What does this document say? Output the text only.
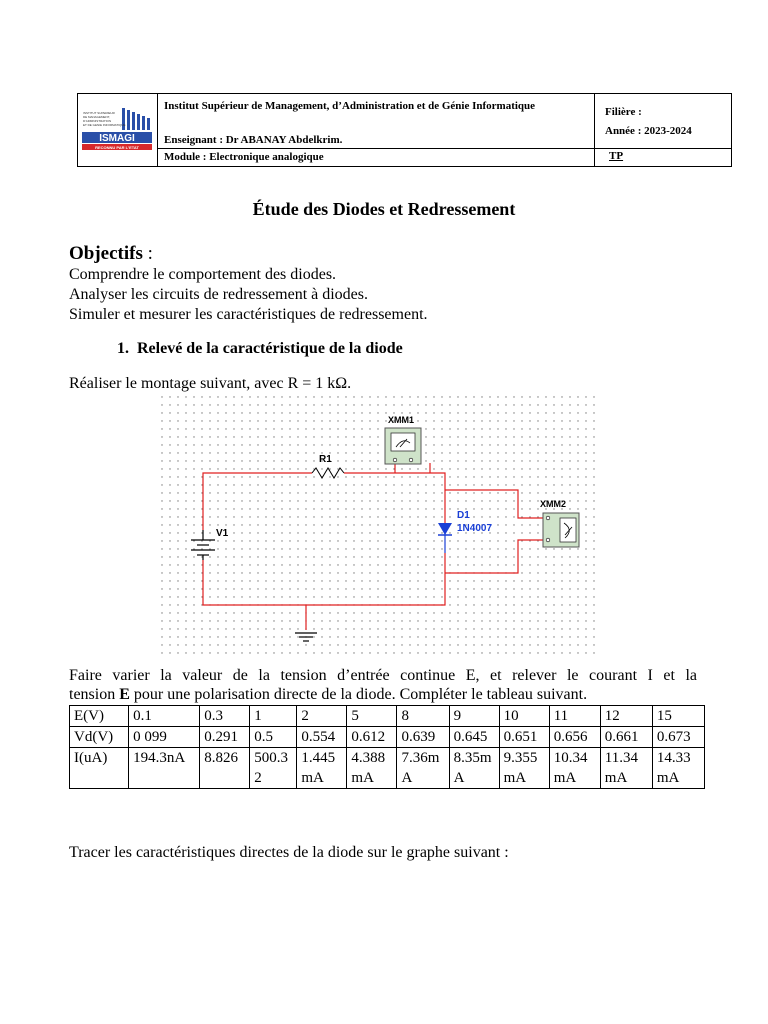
INSTITUT SUPERIEUR
DE MANAGEMENT,
D'ADMINISTRATION
ET DE GENIE INFORMATIQUE
ISMAGI
RECONNU PAR L'ETAT
Institut Supérieur de Management, d’Administration et de Génie Informatique
Enseignant : Dr ABANAY Abdelkrim.
Module : Electronique analogique
Filière :
Année : 2023-2024
TP
Étude des Diodes et Redressement
Objectifs :
Comprendre le comportement des diodes.
Analyser les circuits de redressement à diodes.
Simuler et mesurer les caractéristiques de redressement.
1. Relevé de la caractéristique de la diode
Réaliser le montage suivant, avec R = 1 kΩ.
R1
V1
D1
1N4007
XMM1
XMM2
Faire varier la valeur de la tension d’entrée continue E, et relever le courant I et la
tension E pour une polarisation directe de la diode. Compléter le tableau suivant.
E(V)	0.1	0.3	1	2	5	8	9	10	11	12	15
Vd(V)	0 099	0.291	0.5	0.554	0.612	0.639	0.645	0.651	0.656	0.661	0.673
I(uA)	194.3nA	8.826	500.32	1.445mA	4.388mA	7.36mA	8.35mA	9.355mA	10.34mA	11.34mA	14.33mA
Tracer les caractéristiques directes de la diode sur le graphe suivant :
